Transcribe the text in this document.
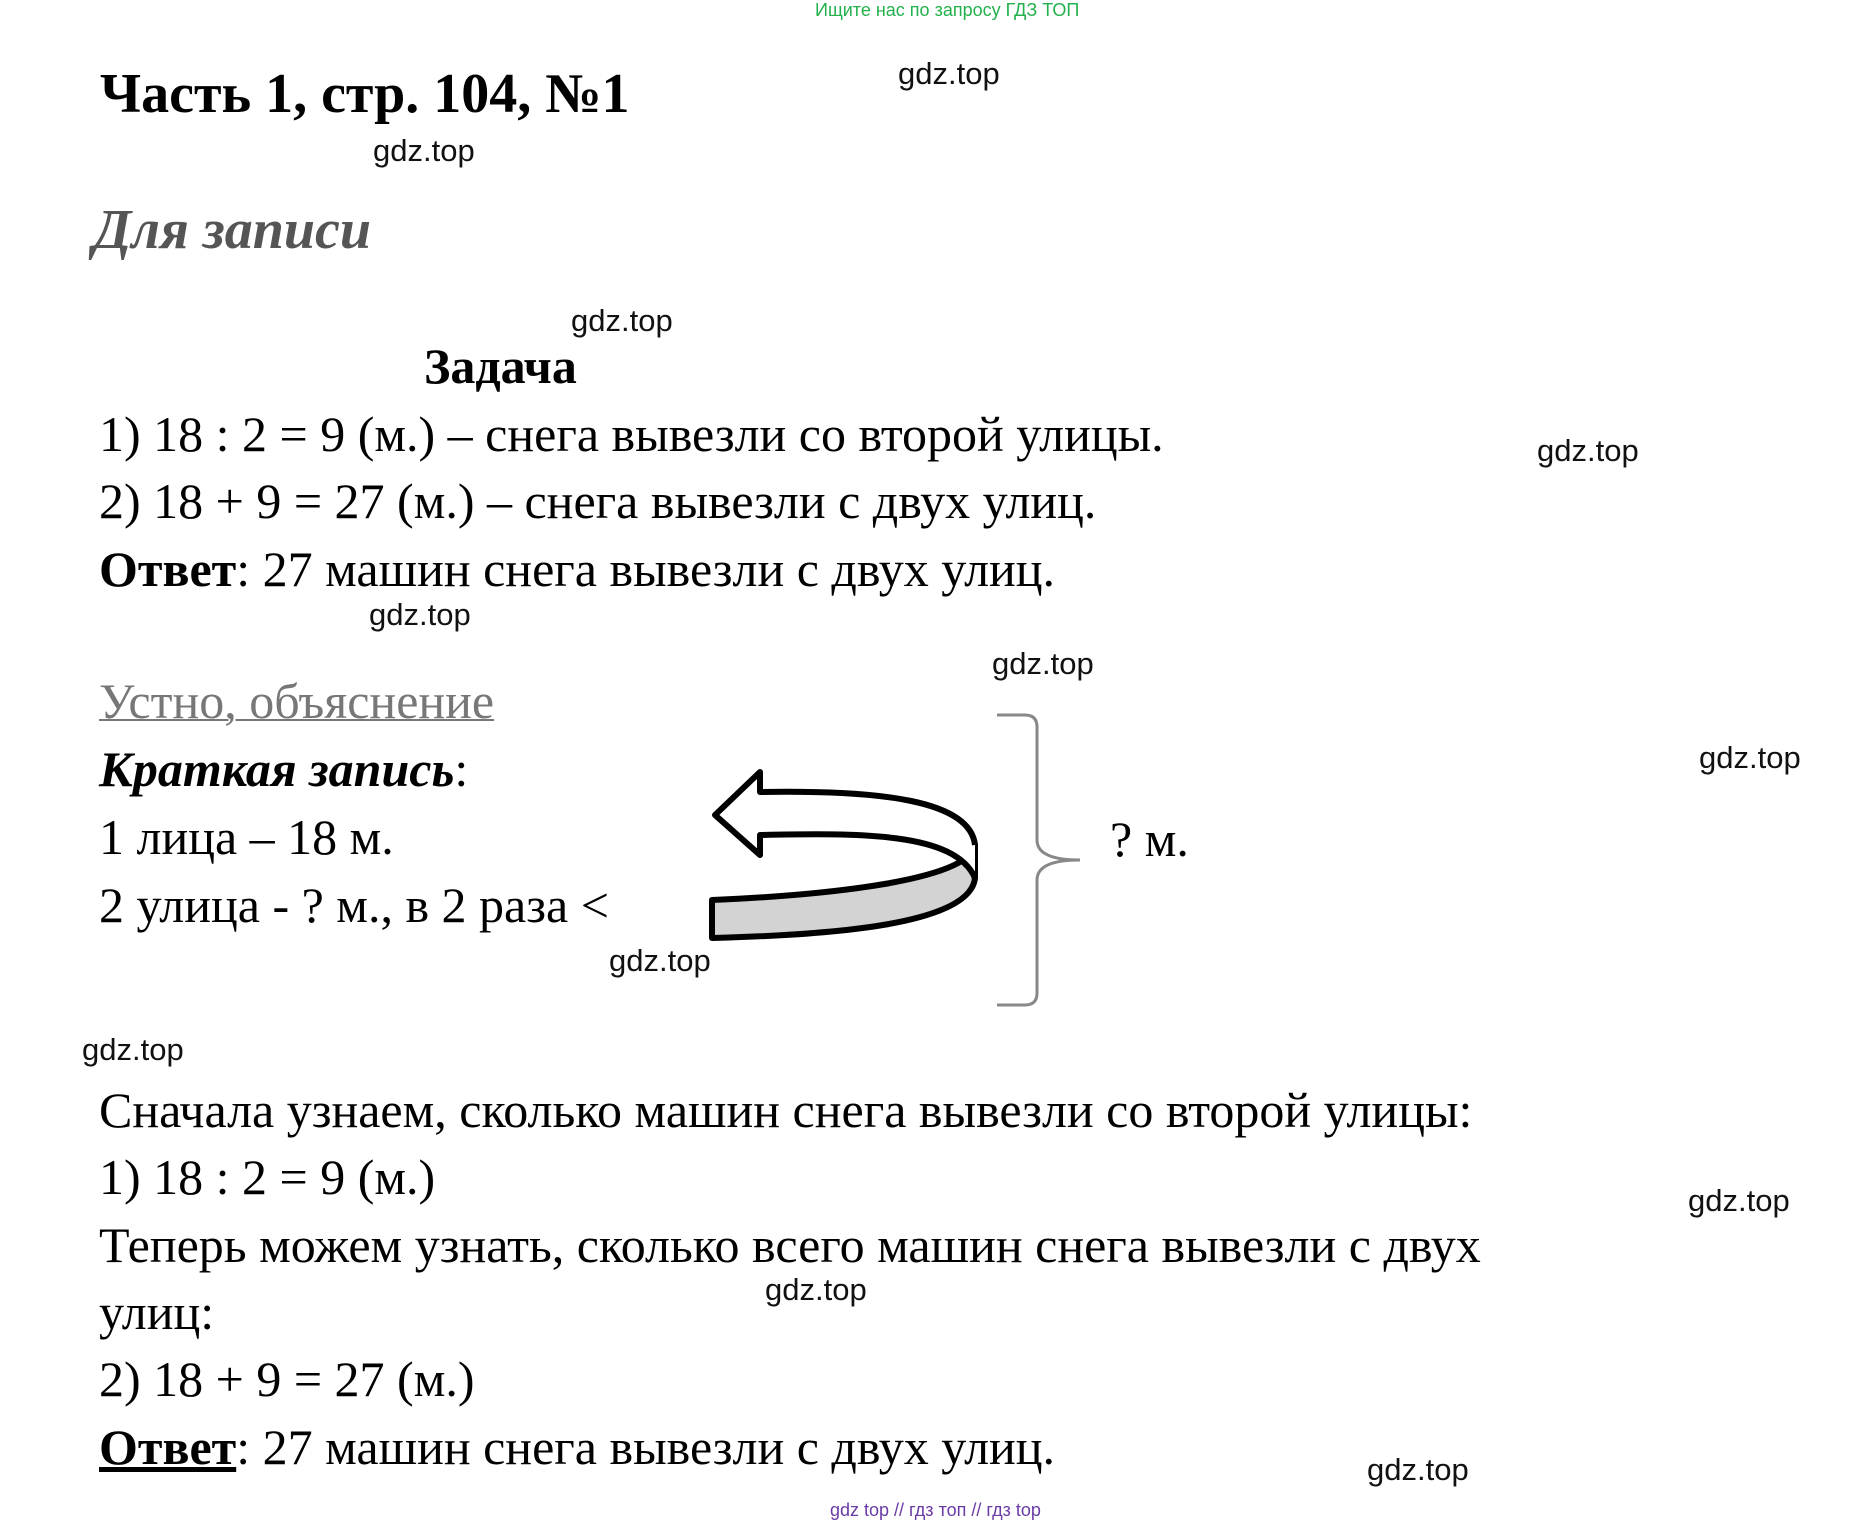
Ищите нас по запросу ГДЗ ТОП
gdz top // гдз топ // гдз top
gdz.top
gdz.top
gdz.top
gdz.top
gdz.top
gdz.top
gdz.top
gdz.top
gdz.top
gdz.top
gdz.top
gdz.top
Часть 1, стр. 104, №1
Для записи
Задача
1) 18 : 2 = 9 (м.) – снега вывезли со второй улицы.
2) 18 + 9 = 27 (м.) – снега вывезли с двух улиц.
Ответ: 27 машин снега вывезли с двух улиц.
Устно, объяснение
Краткая запись:
1 лица – 18 м.
2 улица - ? м., в 2 раза <
? м.
Сначала узнаем, сколько машин снега вывезли со второй улицы:
1) 18 : 2 = 9 (м.)
Теперь можем узнать, сколько всего машин снега вывезли с двух
улиц:
2) 18 + 9 = 27 (м.)
Ответ: 27 машин снега вывезли с двух улиц.
